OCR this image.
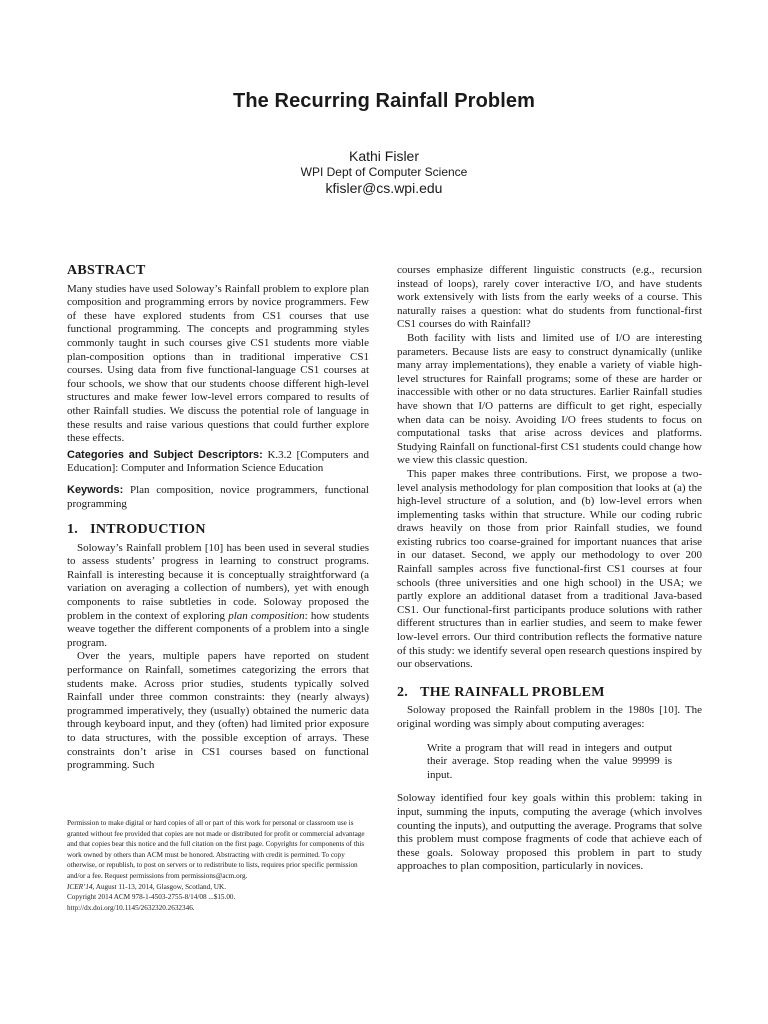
The Recurring Rainfall Problem
Kathi Fisler
WPI Dept of Computer Science
kfisler@cs.wpi.edu
ABSTRACT

Many studies have used Soloway’s Rainfall problem to explore plan composition and programming errors by novice programmers. Few of these have explored students from CS1 courses that use functional programming. The concepts and programming styles commonly taught in such courses give CS1 students more viable plan-composition options than in traditional imperative CS1 courses. Using data from five functional-language CS1 courses at four schools, we show that our students choose different high-level structures and make fewer low-level errors compared to results of other Rainfall studies. We discuss the potential role of language in these results and raise various questions that could further explore these effects.

Categories and Subject Descriptors: K.3.2 [Computers and Education]: Computer and Information Science Education

Keywords: Plan composition, novice programmers, functional programming

1. INTRODUCTION

Soloway’s Rainfall problem [10] has been used in several studies to assess students’ progress in learning to construct programs. Rainfall is interesting because it is conceptually straightforward (a variation on averaging a collection of numbers), yet with enough components to raise subtleties in code. Soloway proposed the problem in the context of exploring plan composition: how students weave together the different components of a problem into a single program.

Over the years, multiple papers have reported on student performance on Rainfall, sometimes categorizing the errors that students make. Across prior studies, students typically solved Rainfall under three common constraints: they (nearly always) programmed imperatively, they (usually) obtained the numeric data through keyboard input, and they (often) had limited prior exposure to data structures, with the possible exception of arrays. These constraints don’t arise in CS1 courses based on functional programming. Such

Permission to make digital or hard copies of all or part of this work for personal or classroom use is granted without fee provided that copies are not made or distributed for profit or commercial advantage and that copies bear this notice and the full citation on the first page. Copyrights for components of this work owned by others than ACM must be honored. Abstracting with credit is permitted. To copy otherwise, or republish, to post on servers or to redistribute to lists, requires prior specific permission and/or a fee. Request permissions from permissions@acm.org.

ICER’14, August 11-13, 2014, Glasgow, Scotland, UK.

Copyright 2014 ACM 978-1-4503-2755-8/14/08 ...$15.00.

http://dx.doi.org/10.1145/2632320.2632346.

courses emphasize different linguistic constructs (e.g., recursion instead of loops), rarely cover interactive I/O, and have students work extensively with lists from the early weeks of a course. This naturally raises a question: what do students from functional-first CS1 courses do with Rainfall?

Both facility with lists and limited use of I/O are interesting parameters. Because lists are easy to construct dynamically (unlike many array implementations), they enable a variety of viable high-level structures for Rainfall programs; some of these are harder or inaccessible with other or no data structures. Earlier Rainfall studies have shown that I/O patterns are difficult to get right, especially when data can be noisy. Avoiding I/O frees students to focus on computational tasks that arise across devices and platforms. Studying Rainfall on functional-first CS1 students could change how we view this classic question.

This paper makes three contributions. First, we propose a two-level analysis methodology for plan composition that looks at (a) the high-level structure of a solution, and (b) low-level errors when implementing tasks within that structure. While our coding rubric draws heavily on those from prior Rainfall studies, we found existing rubrics too coarse-grained for important nuances that arise in our dataset. Second, we apply our methodology to over 200 Rainfall samples across five functional-first CS1 courses at four schools (three universities and one high school) in the USA; we partly explore an additional dataset from a traditional Java-based CS1. Our functional-first participants produce solutions with rather different structures than in earlier studies, and seem to make fewer low-level errors. Our third contribution reflects the formative nature of this study: we identify several open research questions inspired by our observations.

2. THE RAINFALL PROBLEM

Soloway proposed the Rainfall problem in the 1980s [10]. The original wording was simply about computing averages:

Write a program that will read in integers and output their average. Stop reading when the value 99999 is input.

Soloway identified four key goals within this problem: taking in input, summing the inputs, computing the average (which involves counting the inputs), and outputting the average. Programs that solve this problem must compose fragments of code that achieve each of these goals. Soloway proposed this problem in part to study approaches to plan composition, particularly in novices.
